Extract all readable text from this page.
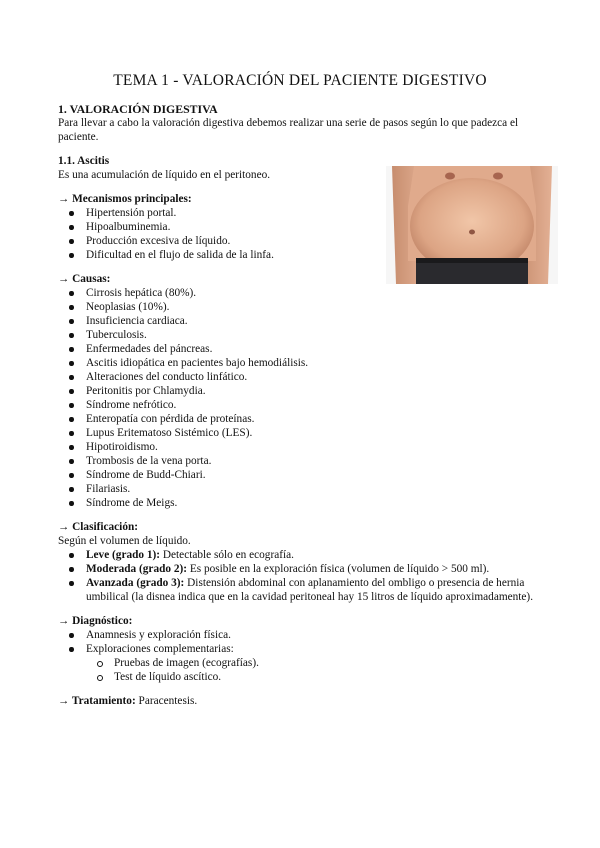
TEMA 1 - VALORACIÓN DEL PACIENTE DIGESTIVO

1. VALORACIÓN DIGESTIVA

Para llevar a cabo la valoración digestiva debemos realizar una serie de pasos según lo que padezca el paciente.

1.1. Ascitis

Es una acumulación de líquido en el peritoneo.

→ Mecanismos principales:

Hipertensión portal.
Hipoalbuminemia.
Producción excesiva de líquido.
Dificultad en el flujo de salida de la linfa.

→ Causas:

Cirrosis hepática (80%).
Neoplasias (10%).
Insuficiencia cardiaca.
Tuberculosis.
Enfermedades del páncreas.
Ascitis idiopática en pacientes bajo hemodiálisis.
Alteraciones del conducto linfático.
Peritonitis por Chlamydia.
Síndrome nefrótico.
Enteropatía con pérdida de proteínas.
Lupus Eritematoso Sistémico (LES).
Hipotiroidismo.
Trombosis de la vena porta.
Síndrome de Budd-Chiari.
Filariasis.
Síndrome de Meigs.

→ Clasificación:

Según el volumen de líquido.

Leve (grado 1): Detectable sólo en ecografía.
Moderada (grado 2): Es posible en la exploración física (volumen de líquido > 500 ml).
Avanzada (grado 3): Distensión abdominal con aplanamiento del ombligo o presencia de hernia umbilical (la disnea indica que en la cavidad peritoneal hay 15 litros de líquido aproximadamente).

→ Diagnóstico:

Anamnesis y exploración física.
Exploraciones complementarias:
Pruebas de imagen (ecografías).
Test de líquido ascítico.

→ Tratamiento: Paracentesis.
